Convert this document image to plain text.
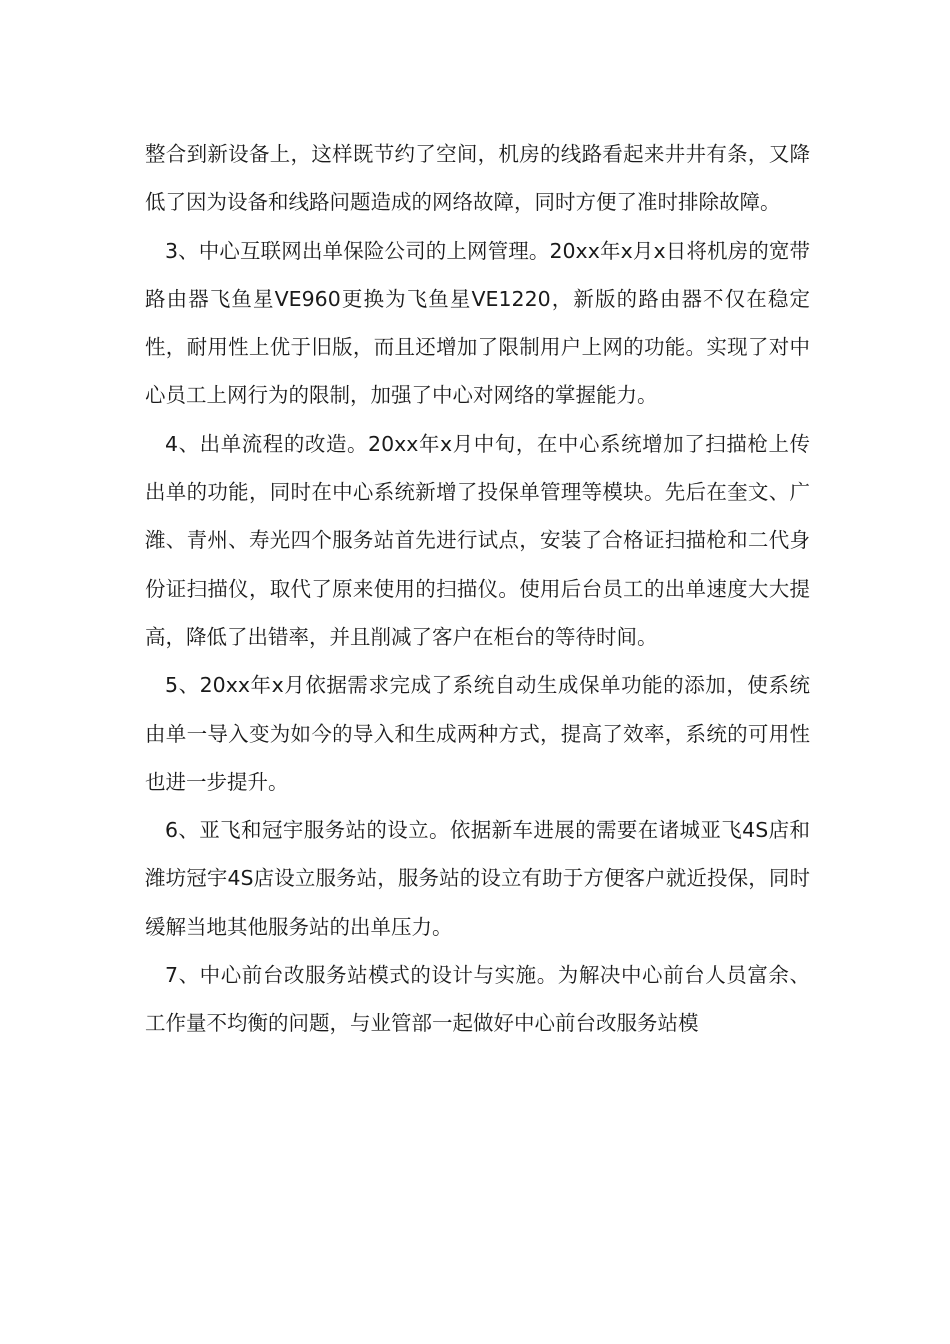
整合到新设备上，这样既节约了空间，机房的线路看起来井井有条，又降低了因为设备和线路问题造成的网络故障，同时方便了准时排除故障。

3、中心互联网出单保险公司的上网管理。20xx年x月x日将机房的宽带路由器飞鱼星VE960更换为飞鱼星VE1220，新版的路由器不仅在稳定性，耐用性上优于旧版，而且还增加了限制用户上网的功能。实现了对中心员工上网行为的限制，加强了中心对网络的掌握能力。

4、出单流程的改造。20xx年x月中旬，在中心系统增加了扫描枪上传出单的功能，同时在中心系统新增了投保单管理等模块。先后在奎文、广潍、青州、寿光四个服务站首先进行试点，安装了合格证扫描枪和二代身份证扫描仪，取代了原来使用的扫描仪。使用后台员工的出单速度大大提高，降低了出错率，并且削减了客户在柜台的等待时间。

5、20xx年x月依据需求完成了系统自动生成保单功能的添加，使系统由单一导入变为如今的导入和生成两种方式，提高了效率，系统的可用性也进一步提升。

6、亚飞和冠宇服务站的设立。依据新车进展的需要在诸城亚飞4S店和潍坊冠宇4S店设立服务站，服务站的设立有助于方便客户就近投保，同时缓解当地其他服务站的出单压力。

7、中心前台改服务站模式的设计与实施。为解决中心前台人员富余、工作量不均衡的问题，与业管部一起做好中心前台改服务站模
